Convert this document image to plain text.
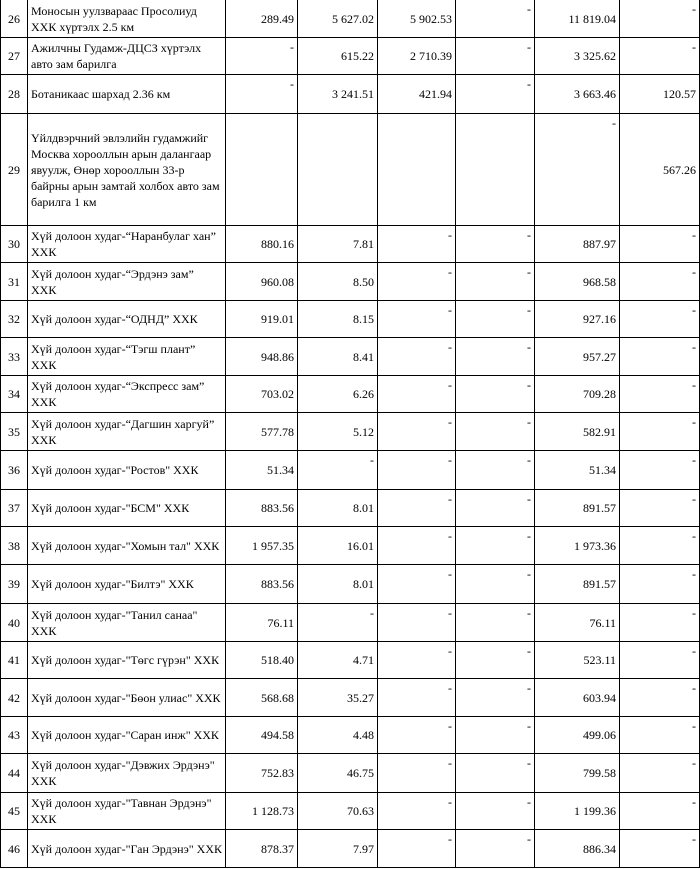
26	Моносын уулзвараас Просолиуд ХХК хүртэлх 2.5 км	289.49	5 627.02	5 902.53	-	11 819.04	-
27	Ажилчны Гудамж-ДЦСЗ хүртэлх авто зам барилга	-	615.22	2 710.39	-	3 325.62	-
28	Ботаникаас шархад 2.36 км	-	3 241.51	421.94	-	3 663.46	120.57
29	Үйлдвэрчний эвлэлийн гудамжийг Москва хорооллын арын далангаар явуулж, Өнөр хорооллын 33-р байрны арын замтай холбох авто зам барилга 1 км					-	567.26
30	Хүй долоон худаг-“Наранбулаг хан” ХХК	880.16	7.81	-	-	887.97	-
31	Хүй долоон худаг-“Эрдэнэ зам” ХХК	960.08	8.50	-	-	968.58	-
32	Хүй долоон худаг-“ОДНД” ХХК	919.01	8.15	-	-	927.16	-
33	Хүй долоон худаг-“Тэгш плант” ХХК	948.86	8.41	-	-	957.27	-
34	Хүй долоон худаг-“Экспресс зам” ХХК	703.02	6.26	-	-	709.28	-
35	Хүй долоон худаг-“Дагшин харгуй” ХХК	577.78	5.12	-	-	582.91	-
36	Хүй долоон худаг-"Ростов" ХХК	51.34	-	-	-	51.34	-
37	Хүй долоон худаг-"БСМ" ХХК	883.56	8.01	-	-	891.57	-
38	Хүй долоон худаг-"Хомын тал" ХХК	1 957.35	16.01	-	-	1 973.36	-
39	Хүй долоон худаг-"Билтэ" ХХК	883.56	8.01	-	-	891.57	-
40	Хүй долоон худаг-"Танил санаа" ХХК	76.11	-	-	-	76.11	-
41	Хүй долоон худаг-"Төгс гүрэн" ХХК	518.40	4.71	-	-	523.11	-
42	Хүй долоон худаг-"Бөон улиас" ХХК	568.68	35.27	-	-	603.94	-
43	Хүй долоон худаг-"Саран инж" ХХК	494.58	4.48	-	-	499.06	-
44	Хүй долоон худаг-"Дэвжих Эрдэнэ" ХХК	752.83	46.75	-	-	799.58	-
45	Хүй долоон худаг-"Тавнан Эрдэнэ" ХХК	1 128.73	70.63	-	-	1 199.36	-
46	Хүй долоон худаг-"Ган Эрдэнэ" ХХК	878.37	7.97	-	-	886.34	-
